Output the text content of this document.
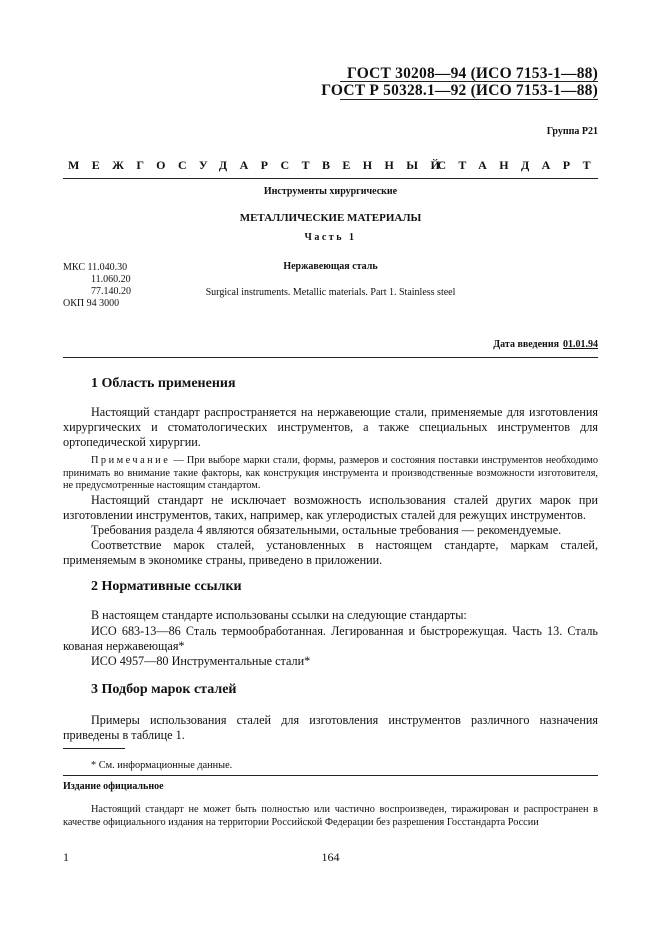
ГОСТ 30208—94 (ИСО 7153-1—88)
ГОСТ Р 50328.1—92 (ИСО 7153-1—88)
Группа Р21
МЕЖГОСУДАРСТВЕННЫЙ
СТАНДАРТ
Инструменты хирургические
МЕТАЛЛИЧЕСКИЕ МАТЕРИАЛЫ
Часть 1
Нержавеющая сталь
Surgical instruments. Metallic materials. Part 1. Stainless steel
МКС 11.040.30
11.060.20
77.140.20
ОКП 94 3000
Дата введения 01.01.94
1 Область применения
Настоящий стандарт распространяется на нержавеющие стали, применяемые для изготовления хирургических и стоматологических инструментов, а также специальных инструментов для ортопедической хирургии.
Примечание — При выборе марки стали, формы, размеров и состояния поставки инструментов необходимо принимать во внимание такие факторы, как конструкция инструмента и производственные возможности изготовителя, не предусмотренные настоящим стандартом.
Настоящий стандарт не исключает возможность использования сталей других марок при изготовлении инструментов, таких, например, как углеродистых сталей для режущих инструментов.
Требования раздела 4 являются обязательными, остальные требования — рекомендуемые.
Соответствие марок сталей, установленных в настоящем стандарте, маркам сталей, применяемым в экономике страны, приведено в приложении.
2 Нормативные ссылки
В настоящем стандарте использованы ссылки на следующие стандарты:
ИСО 683-13—86 Сталь термообработанная. Легированная и быстрорежущая. Часть 13. Сталь кованая нержавеющая*
ИСО 4957—80 Инструментальные стали*
3 Подбор марок сталей
Примеры использования сталей для изготовления инструментов различного назначения приведены в таблице 1.
* См. информационные данные.
Издание официальное
Настоящий стандарт не может быть полностью или частично воспроизведен, тиражирован и распространен в качестве официального издания на территории Российской Федерации без разрешения Госстандарта России
1	164
